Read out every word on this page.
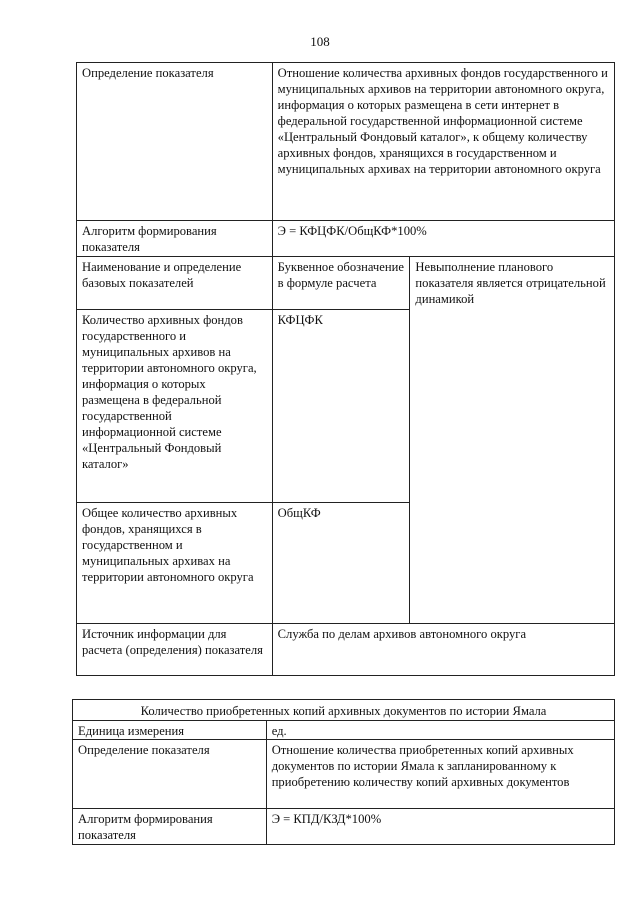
108
Определение показателя	Отношение количества архивных фондов государственного и муниципальных архивов на территории автономного округа, информация о которых размещена в сети интернет в федеральной государственной информационной системе «Центральный Фондовый каталог», к общему количеству архивных фондов, хранящихся в государственном и муниципальных архивах на территории автономного округа	
Алгоритм формирования показателя	Э = КФЦФК/ОбщКФ*100%	
Наименование и определение базовых показателей	Буквенное обозначение в формуле расчета	Невыполнение планового показателя является отрицательной динамикой
Количество архивных фондов государственного и муниципальных архивов на территории автономного округа, информация о которых размещена в федеральной государственной информационной системе «Центральный Фондовый каталог»	КФЦФК	
Общее количество архивных фондов, хранящихся в государственном и муниципальных архивах на территории автономного округа	ОбщКФ	
Источник информации для расчета (определения) показателя	Служба по делам архивов автономного округа	
Количество приобретенных копий архивных документов по истории Ямала	
Единица измерения	ед.
Определение показателя	Отношение количества приобретенных копий архивных документов по истории Ямала к запланированному к приобретению количеству копий архивных документов
Алгоритм формирования показателя	Э = КПД/КЗД*100%
